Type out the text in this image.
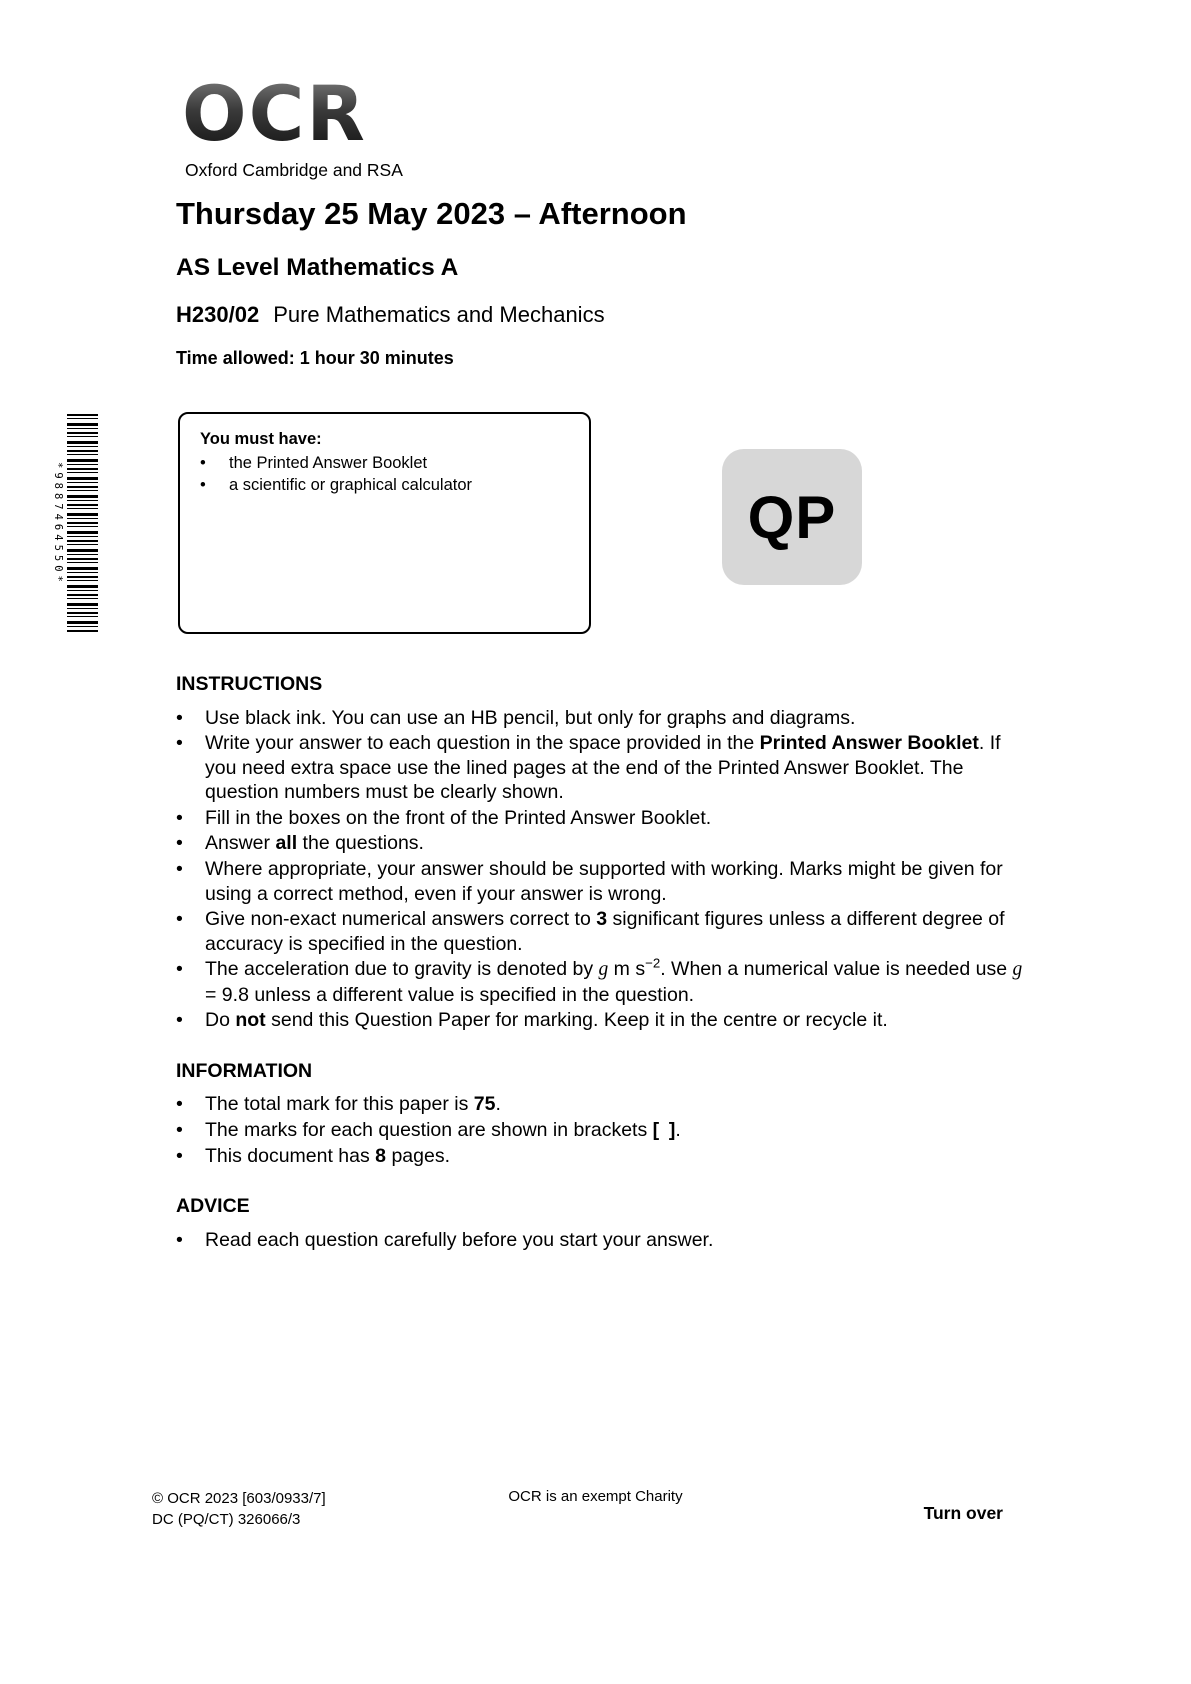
OCR
Oxford Cambridge and RSA
Thursday 25 May 2023 – Afternoon
AS Level Mathematics A
H230/02 Pure Mathematics and Mechanics
Time allowed: 1 hour 30 minutes
*9887464550*
You must have:
•	the Printed Answer Booklet
•	a scientific or graphical calculator	QP
INSTRUCTIONS
•	Use black ink. You can use an HB pencil, but only for graphs and diagrams.
•	Write your answer to each question in the space provided in the Printed Answer Booklet. If you need extra space use the lined pages at the end of the Printed Answer Booklet. The question numbers must be clearly shown.
•	Fill in the boxes on the front of the Printed Answer Booklet.
•	Answer all the questions.
•	Where appropriate, your answer should be supported with working. Marks might be given for using a correct method, even if your answer is wrong.
•	Give non-exact numerical answers correct to 3 significant figures unless a different degree of accuracy is specified in the question.
•	The acceleration due to gravity is denoted by g m $s^{-2}$. When a numerical value is needed use g = 9.8 unless a different value is specified in the question.
•	Do not send this Question Paper for marking. Keep it in the centre or recycle it.
INFORMATION
•	The total mark for this paper is 75.
•	The marks for each question are shown in brackets [ ].
•	This document has 8 pages.
ADVICE
•	Read each question carefully before you start your answer.
© OCR 2023 [603/0933/7]
DC (PQ/CT) 326066/3
OCR is an exempt Charity
Turn over
